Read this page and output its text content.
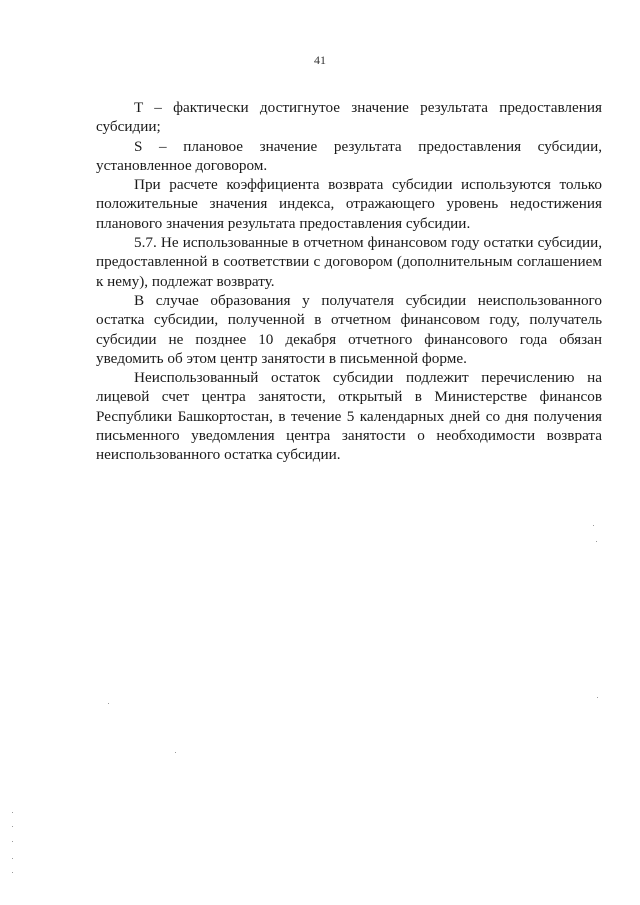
41

T – фактически достигнутое значение результата предоставления субсидии;

S – плановое значение результата предоставления субсидии, установленное договором.

При расчете коэффициента возврата субсидии используются только положительные значения индекса, отражающего уровень недостижения планового значения результата предоставления субсидии.

5.7. Не использованные в отчетном финансовом году остатки субсидии, предоставленной в соответствии с договором (дополнительным соглашением к нему), подлежат возврату.

В случае образования у получателя субсидии неиспользованного остатка субсидии, полученной в отчетном финансовом году, получатель субсидии не позднее 10 декабря отчетного финансового года обязан уведомить об этом центр занятости в письменной форме.

Неиспользованный остаток субсидии подлежит перечислению на лицевой счет центра занятости, открытый в Министерстве финансов Республики Башкортостан, в течение 5 календарных дней со дня получения письменного уведомления центра занятости о необходимости возврата неиспользованного остатка субсидии.
